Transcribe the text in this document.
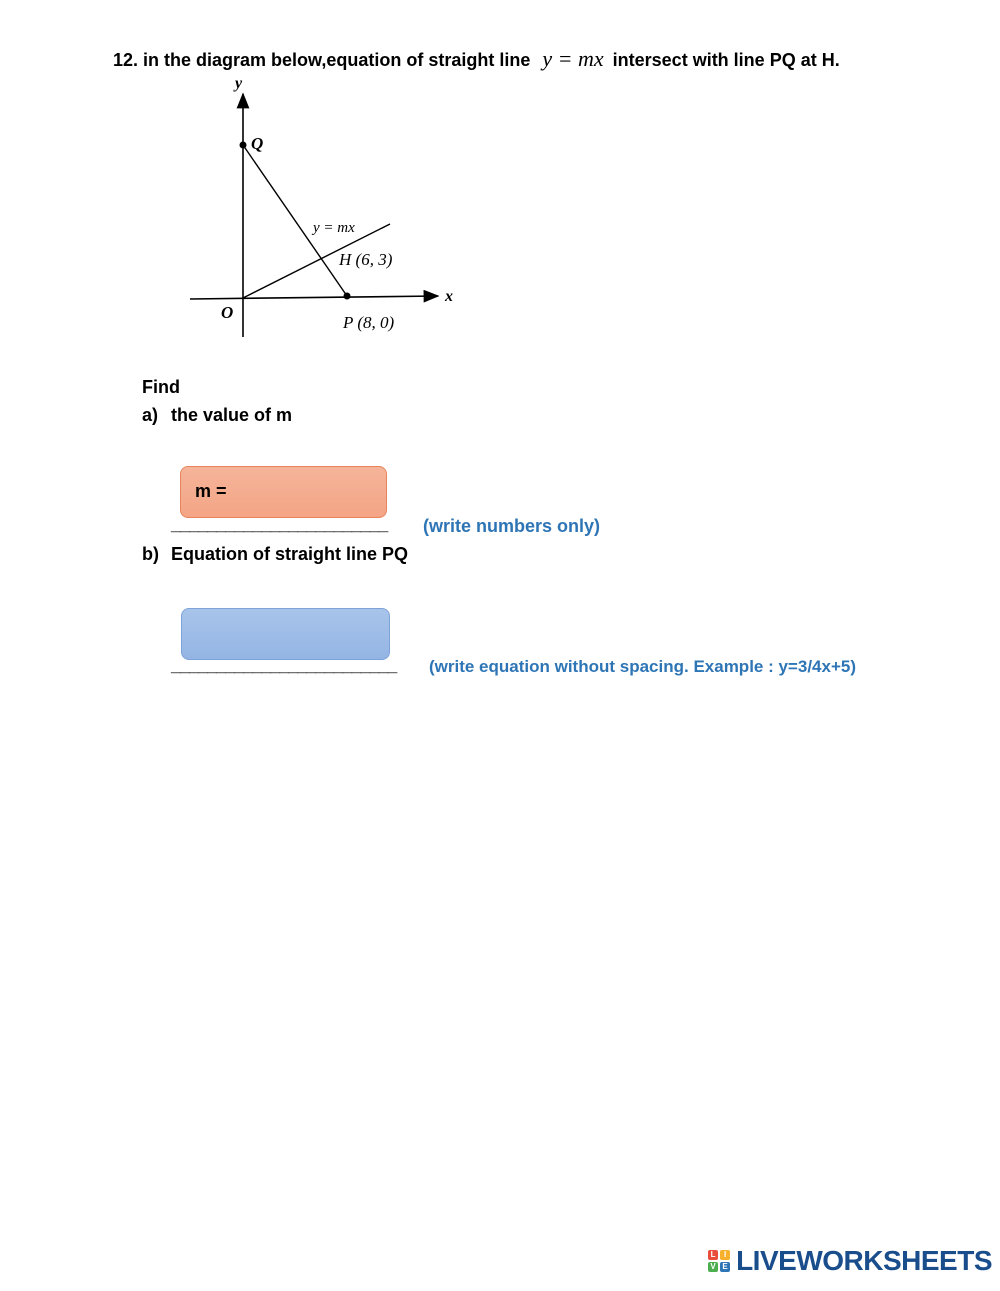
12. in the diagram below,equation of straight line y = mx intersect with line PQ at H.
y
x
O
Q
y = mx
H (6, 3)
P (8, 0)
Find
a) the value of m
m =
________________________ (write numbers only)
b) Equation of straight line PQ
_________________________ (write equation without spacing. Example : y=3/4x+5)
L	I
V E LIVEWORKSHEETS
